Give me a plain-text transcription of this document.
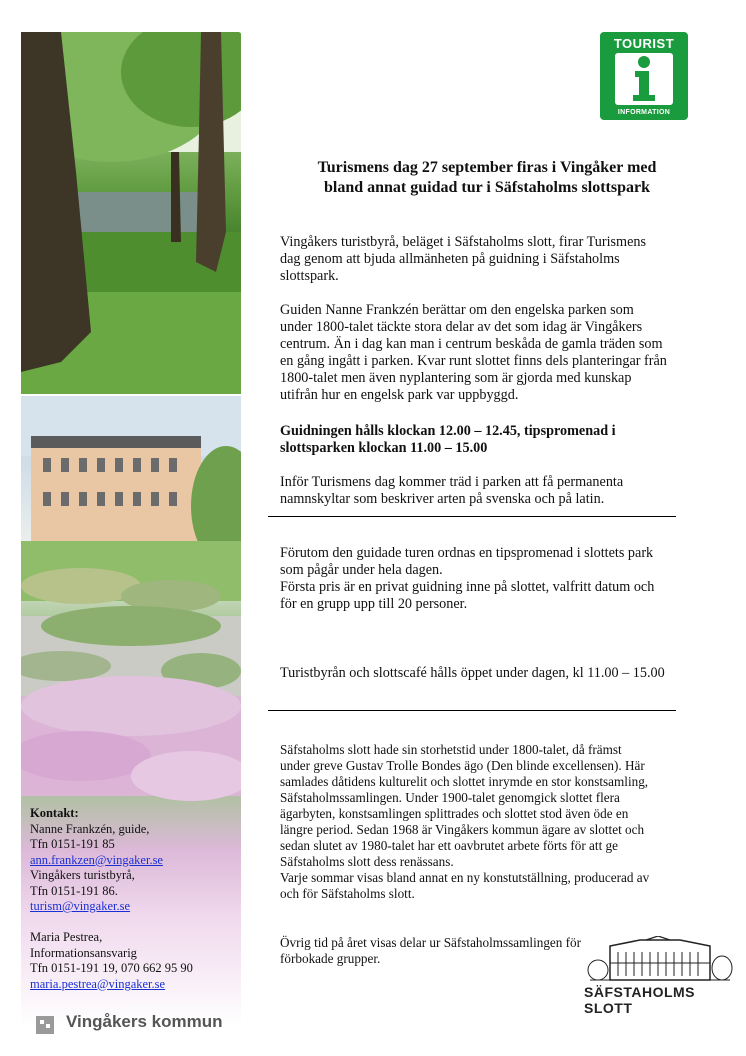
Kontakt:
Nanne Frankzén, guide,
Tfn 0151-191 85
ann.frankzen@vingaker.se
Vingåkers turistbyrå,
Tfn 0151-191 86.
turism@vingaker.se
Maria Pestrea,
Informationsansvarig
Tfn 0151-191 19, 070 662 95 90
maria.pestrea@vingaker.se
Vingåkers kommun
TOURIST
INFORMATION
Turismens dag 27 september firas i Vingåker med
bland annat guidad tur i Säfstaholms slottspark
Vingåkers turistbyrå, beläget i Säfstaholms slott, firar Turismens
dag genom att bjuda allmänheten på guidning i Säfstaholms
slottspark.
Guiden Nanne Frankzén berättar om den engelska parken som
under 1800-talet täckte stora delar av det som idag är Vingåkers
centrum. Än i dag kan man i centrum beskåda de gamla träden som
en gång ingått i parken. Kvar runt slottet finns dels planteringar från
1800-talet men även nyplantering som är gjorda med kunskap
utifrån hur en engelsk park var uppbyggd.
Guidningen hålls klockan 12.00 – 12.45, tipspromenad i
slottsparken klockan 11.00 – 15.00
Inför Turismens dag kommer träd i parken att få permanenta
namnskyltar som beskriver arten på svenska och på latin.
Förutom den guidade turen ordnas en tipspromenad i slottets park
som pågår under hela dagen.
Första pris är en privat guidning inne på slottet, valfritt datum och
för en grupp upp till 20 personer.
Turistbyrån och slottscafé hålls öppet under dagen, kl 11.00 – 15.00
Säfstaholms slott hade sin storhetstid under 1800-talet, då främst
under greve Gustav Trolle Bondes ägo (Den blinde excellensen). Här
samlades dåtidens kulturelit och slottet inrymde en stor konstsamling,
Säfstaholmssamlingen. Under 1900-talet genomgick slottet flera
ägarbyten, konstsamlingen splittrades och slottet stod även öde en
längre period. Sedan 1968 är Vingåkers kommun ägare av slottet och
sedan slutet av 1980-talet har ett oavbrutet arbete förts för att ge
Säfstaholms slott dess renässans.
Varje sommar visas bland annat en ny konstutställning, producerad av
och för Säfstaholms slott.
Övrig tid på året visas delar ur Säfstaholmssamlingen för
förbokade grupper.
SÄFSTAHOLMS SLOTT
